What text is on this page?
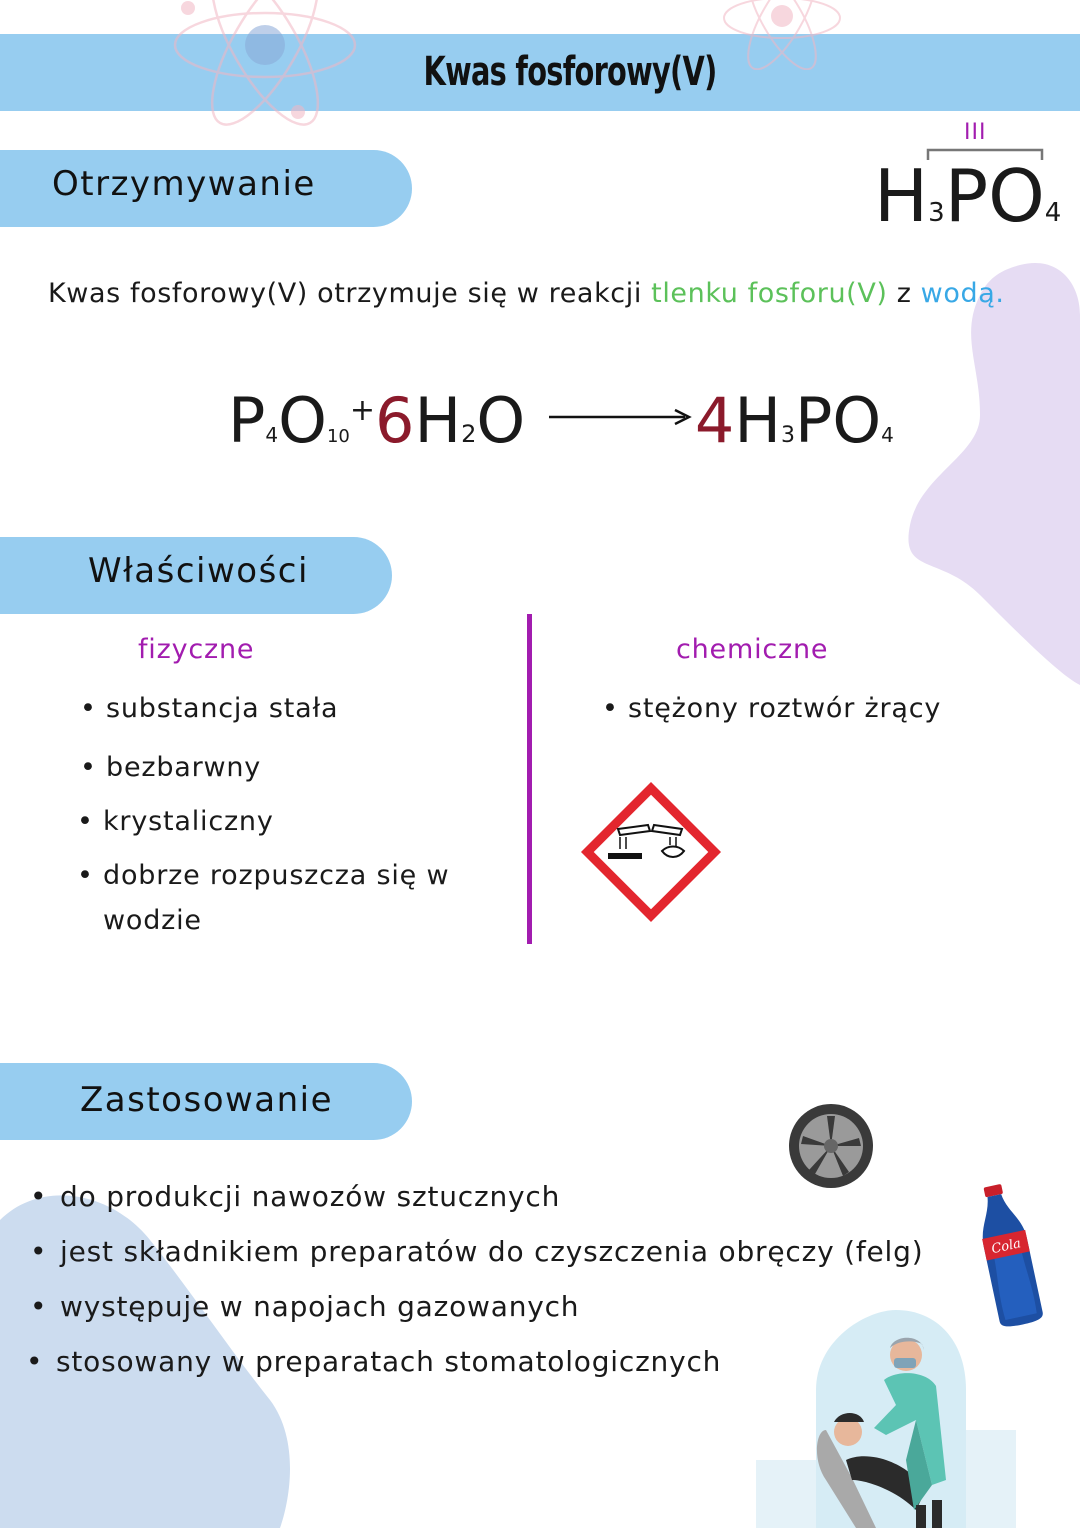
Kwas fosforowy(V)
Otrzymywanie
III
H3PO4
Kwas fosforowy(V) otrzymuje się w reakcji tlenku fosforu(V) z wodą.
P4O10+6H2O →4H3PO4
Właściwości
fizyczne	chemiczne
• substancja stała
• bezbarwny
• krystaliczny
• dobrze rozpuszcza się w
wodzie
• stężony roztwór żrący
Zastosowanie
Cola
• do produkcji nawozów sztucznych
• jest składnikiem preparatów do czyszczenia obręczy (felg)
• występuje w napojach gazowanych
• stosowany w preparatach stomatologicznych
